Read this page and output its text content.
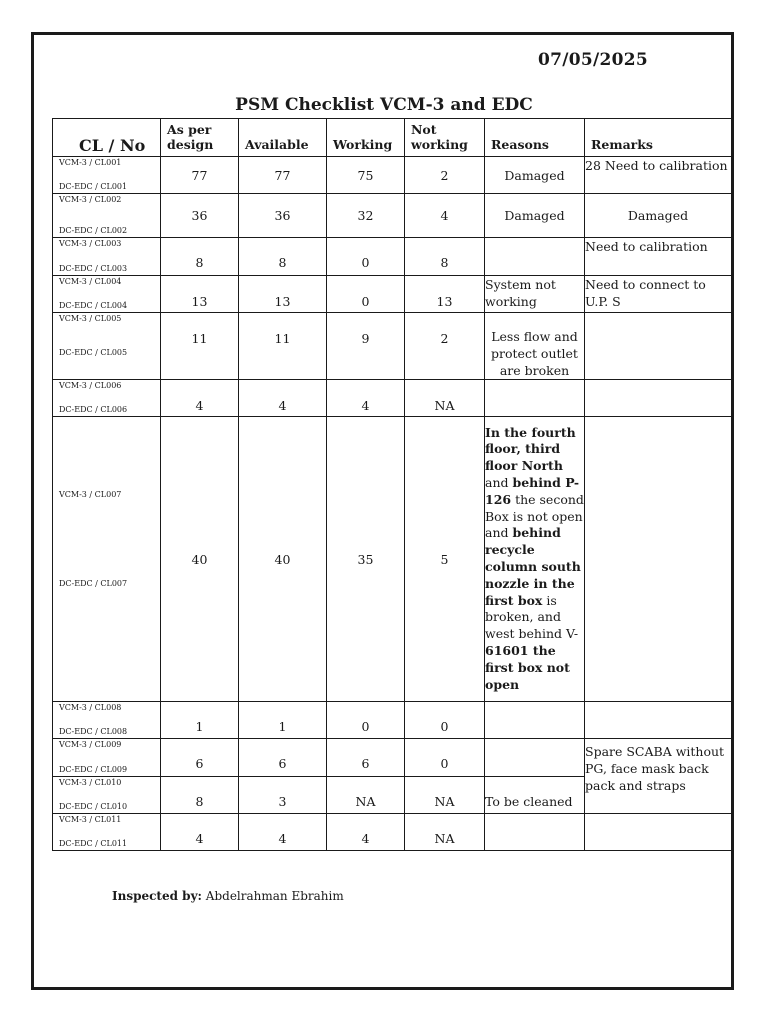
07/05/2025
PSM Checklist VCM-3 and EDC
CL / No	As per
design	Available	Working	Not
working	Reasons	Remarks

VCM-3 / CL001
DC-EDC / CL001	77	77	75	2	Damaged	28 Need to calibration

VCM-3 / CL002
DC-EDC / CL002	36	36	32	4	Damaged	Damaged

VCM-3 / CL003
DC-EDC / CL003	8	8	0	8		Need to calibration

VCM-3 / CL004
DC-EDC / CL004	13	13	0	13	System not working	Need to connect to U.P. S

VCM-3 / CL005
DC-EDC / CL005	11	11	9	2	Less flow and protect outlet are broken	

VCM-3 / CL006
DC-EDC / CL006	4	4	4	NA		

VCM-3 / CL007
DC-EDC / CL007	40	40	35	5	In the fourth floor, third floor North and behind P-126 the second Box is not open and behind recycle column south nozzle in the first box is broken, and west behind V-61601 the first box not open	

VCM-3 / CL008
DC-EDC / CL008	1	1	0	0		

VCM-3 / CL009
DC-EDC / CL009	6	6	6	0		Spare SCABA without PG, face mask back pack and straps

VCM-3 / CL010
DC-EDC / CL010	8	3	NA	NA	To be cleaned	

VCM-3 / CL011
DC-EDC / CL011	4	4	4	NA		
Inspected by: Abdelrahman Ebrahim
